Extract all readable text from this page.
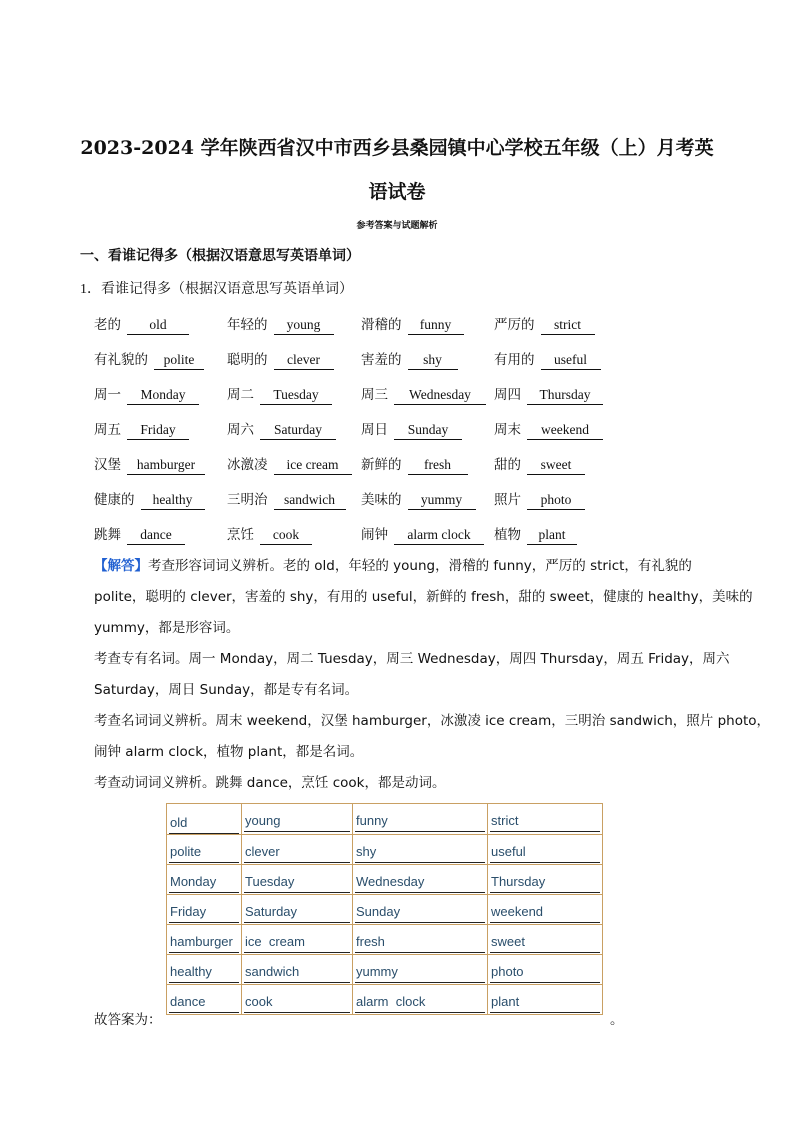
2023-2024 学年陕西省汉中市西乡县桑园镇中心学校五年级（上）月考英
语试卷
参考答案与试题解析
一、看谁记得多（根据汉语意思写英语单词）
1．看谁记得多（根据汉语意思写英语单词）
老的 old	年轻的 young	滑稽的 funny	严厉的 strict
有礼貌的 polite	聪明的 clever	害羞的 shy	有用的 useful
周一 Monday	周二 Tuesday	周三 Wednesday	周四 Thursday
周五 Friday	周六 Saturday	周日 Sunday	周末 weekend
汉堡 hamburger	冰激凌 ice cream	新鲜的 fresh	甜的 sweet
健康的 healthy	三明治 sandwich	美味的 yummy	照片 photo
跳舞 dance	烹饪 cook	闹钟 alarm clock	植物 plant
【解答】考查形容词词义辨析。老的 old，年轻的 young，滑稽的 funny，严厉的 strict，有礼貌的
polite，聪明的 clever，害羞的 shy，有用的 useful，新鲜的 fresh，甜的 sweet，健康的 healthy，美味的
yummy，都是形容词。
考查专有名词。周一 Monday，周二 Tuesday，周三 Wednesday，周四 Thursday，周五 Friday，周六
Saturday，周日 Sunday，都是专有名词。
考查名词词义辨析。周末 weekend，汉堡 hamburger，冰激凌 ice cream，三明治 sandwich，照片 photo，
闹钟 alarm clock，植物 plant，都是名词。
考查动词词义辨析。跳舞 dance，烹饪 cook，都是动词。
old	young	funny	strict

polite	clever	shy	useful

Monday	Tuesday	Wednesday	Thursday

Friday	Saturday	Sunday	weekend

hamburger	ice  cream	fresh	sweet

healthy	sandwich	yummy	photo

dance	cook	alarm  clock	plant
故答案为：	。
